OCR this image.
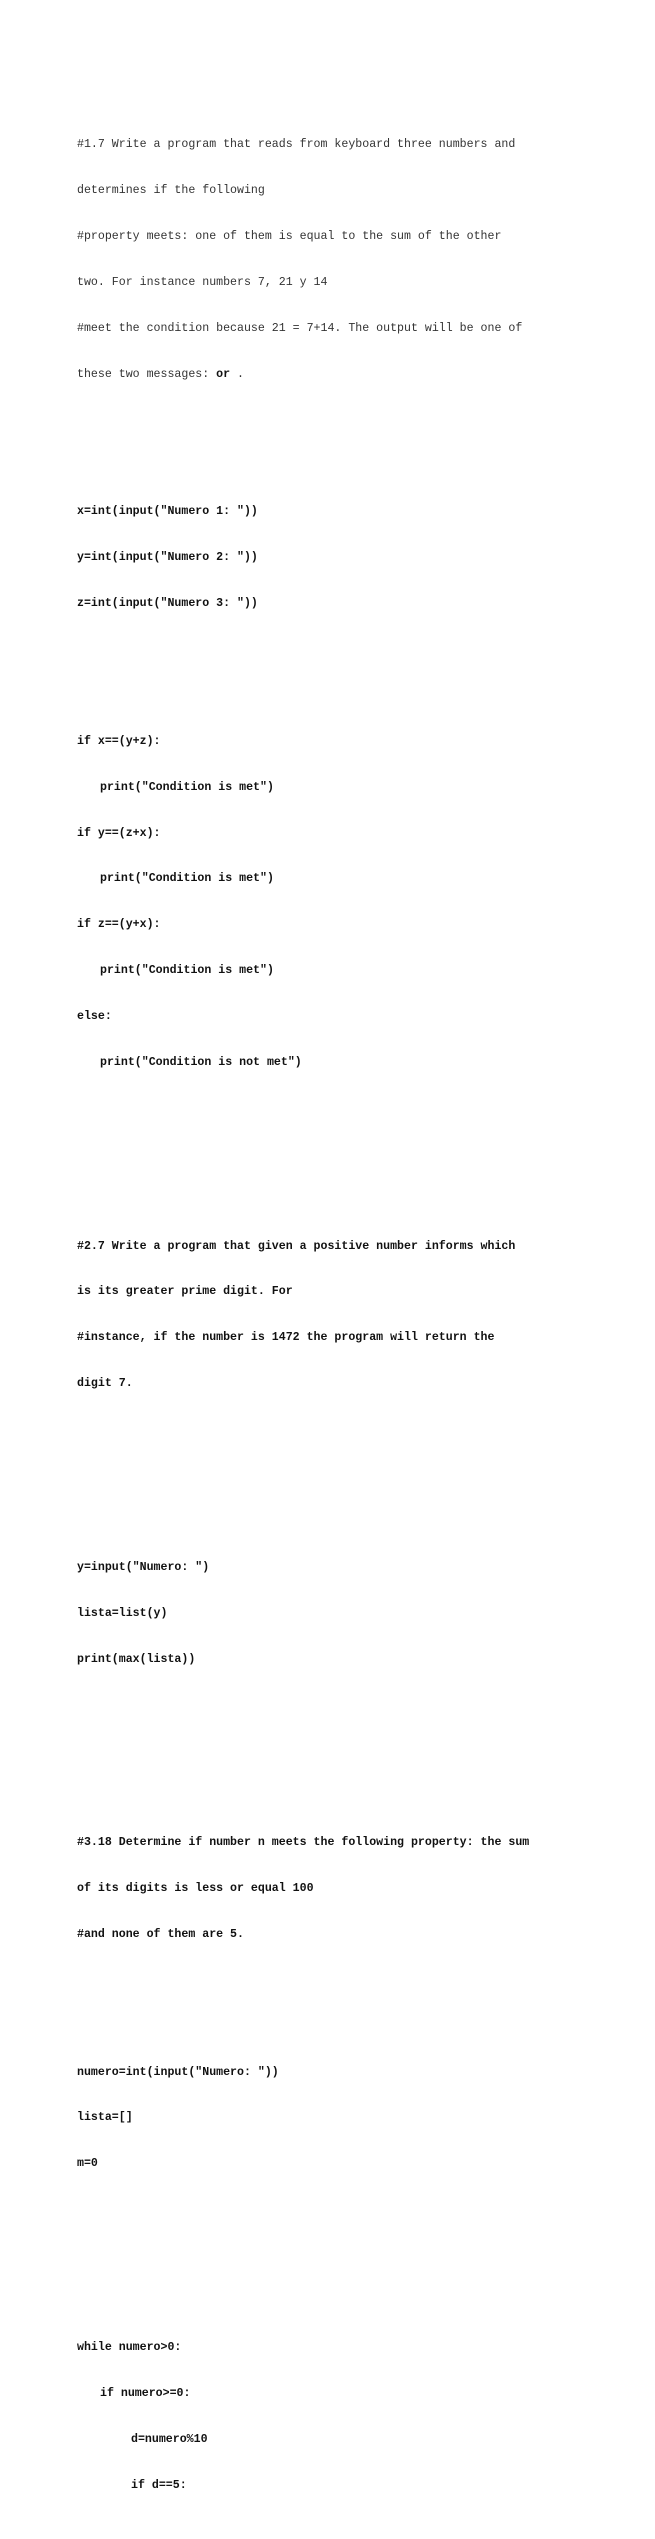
#1.7 Write a program that reads from keyboard three numbers and

determines if the following

#property meets: one of them is equal to the sum of the other

two. For instance numbers 7, 21 y 14

#meet the condition because 21 = 7+14. The output will be one of

these two messages: or .

x=int(input("Numero 1: "))

y=int(input("Numero 2: "))

z=int(input("Numero 3: "))

if x==(y+z):

print("Condition is met")

if y==(z+x):

print("Condition is met")

if z==(y+x):

print("Condition is met")

else:

print("Condition is not met")

#2.7 Write a program that given a positive number informs which

is its greater prime digit. For

#instance, if the number is 1472 the program will return the

digit 7.

y=input("Numero: ")

lista=list(y)

print(max(lista))

#3.18 Determine if number n meets the following property: the sum

of its digits is less or equal 100

#and none of them are 5.

numero=int(input("Numero: "))

lista=[]

m=0

while numero>0:

if numero>=0:

d=numero%10

if d==5:
